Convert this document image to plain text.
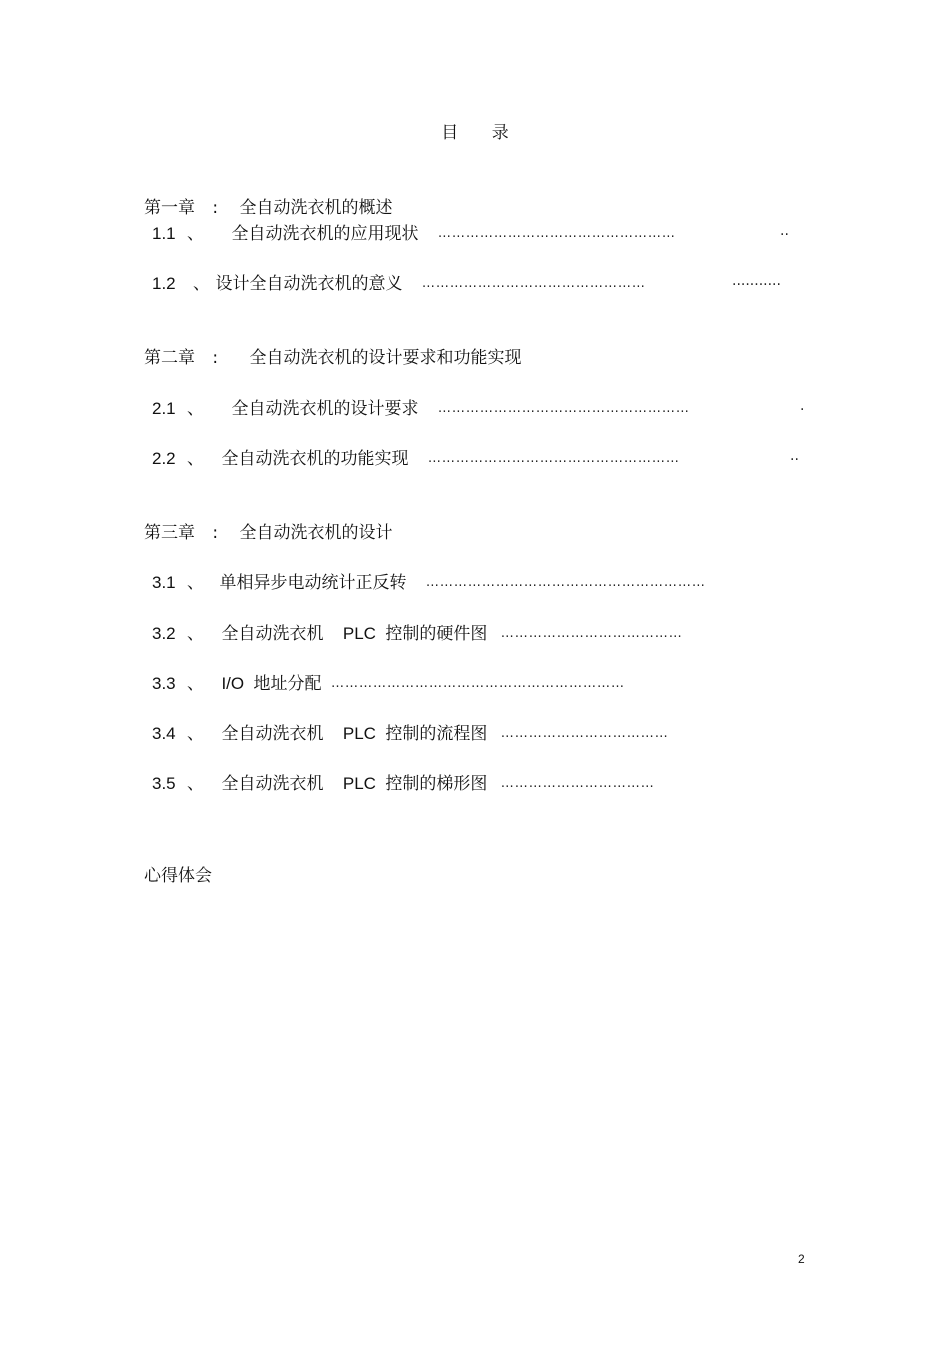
目 录
第一章 : 全自动洗衣机的概述
1.1 、 全自动洗衣机的应用现状 ……………………………………………	..
1.2 、 设计全自动洗衣机的意义 …………………………………………	...........
第二章 : 全自动洗衣机的设计要求和功能实现
2.1 、 全自动洗衣机的设计要求 ………………………………………………	.
2.2 、 全自动洗衣机的功能实现 ………………………………………………	..
第三章 : 全自动洗衣机的设计
3.1 、 单相异步电动统计正反转 ……………………………………………………
3.2 、 全自动洗衣机 PLC 控制的硬件图 …………………………………
3.3 、 I/O 地址分配 ………………………………………………………
3.4 、 全自动洗衣机 PLC 控制的流程图 ………………………………
3.5 、 全自动洗衣机 PLC 控制的梯形图 ……………………………
心得体会
2
